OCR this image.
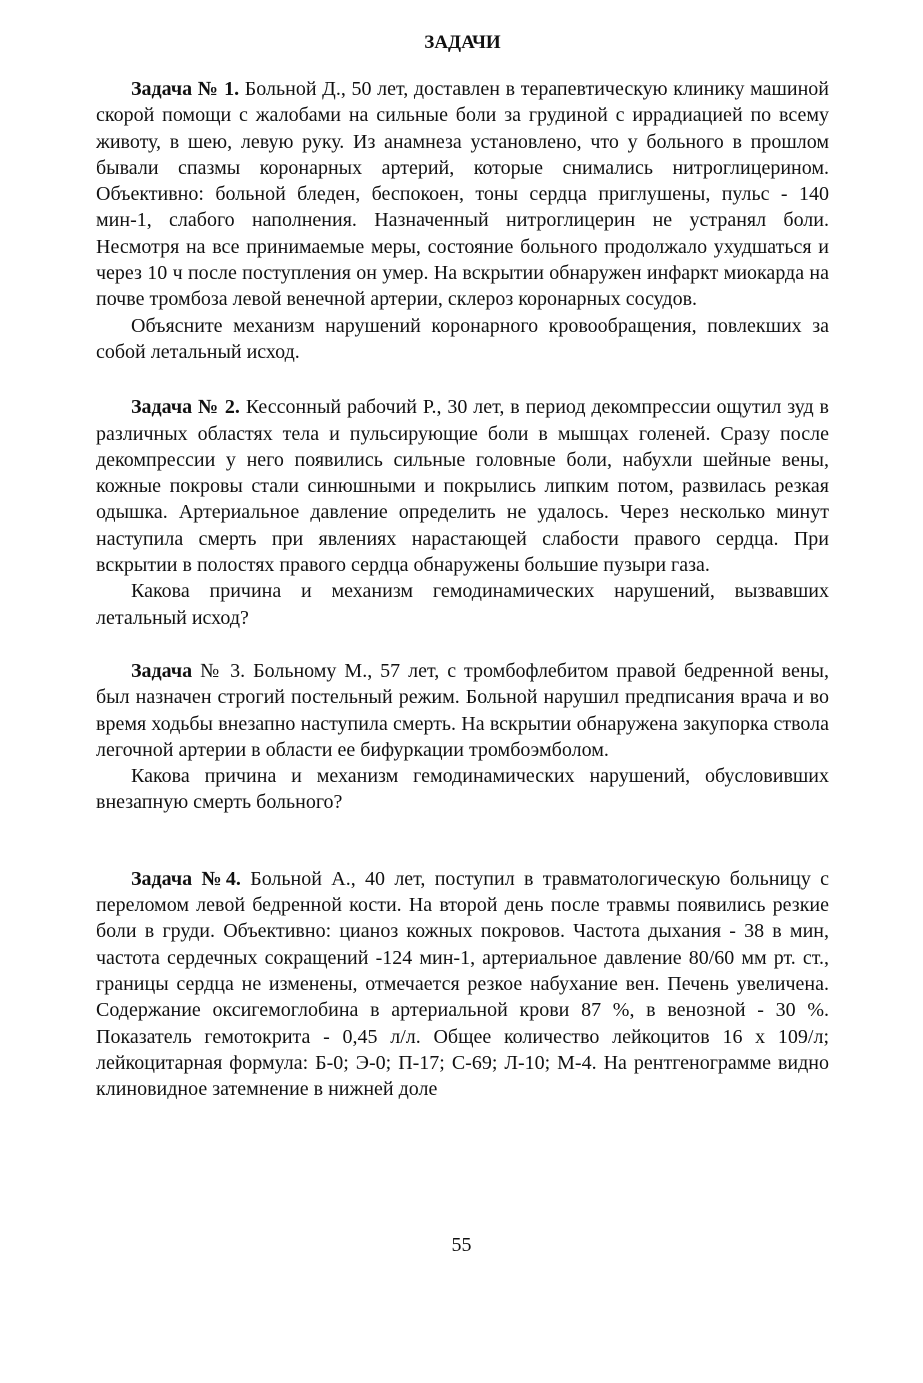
ЗАДАЧИ

Задача № 1. Больной Д., 50 лет, доставлен в терапевтическую клинику машиной скорой помощи с жалобами на сильные боли за грудиной с иррадиацией по всему животу, в шею, левую руку. Из анамнеза установлено, что у больного в прошлом бывали спазмы коронарных артерий, которые снимались нитроглицерином. Объективно: больной бледен, беспокоен, тоны сердца приглушены, пульс - 140 мин-1, слабого наполнения. Назначенный нитроглицерин не устранял боли. Несмотря на все принимаемые меры, состояние больного продолжало ухудшаться и через 10 ч после поступления он умер. На вскрытии обнаружен инфаркт миокарда на почве тромбоза левой венечной артерии, склероз коронарных сосудов.

Объясните механизм нарушений коронарного кровообращения, повлекших за собой летальный исход.

Задача № 2. Кессонный рабочий Р., 30 лет, в период декомпрессии ощутил зуд в различных областях тела и пульсирующие боли в мышцах голеней. Сразу после декомпрессии у него появились сильные головные боли, набухли шейные вены, кожные покровы стали синюшными и покрылись липким потом, развилась резкая одышка. Артериальное давление определить не удалось. Через несколько минут наступила смерть при явлениях нарастающей слабости правого сердца. При вскрытии в полостях правого сердца обнаружены большие пузыри газа.

Какова причина и механизм гемодинамических нарушений, вызвавших летальный исход?

Задача № 3. Больному М., 57 лет, с тромбофлебитом правой бедренной вены, был назначен строгий постельный режим. Больной нарушил предписания врача и во время ходьбы внезапно наступила смерть. На вскрытии обнаружена закупорка ствола легочной артерии в области ее бифуркации тромбоэмболом.

Какова причина и механизм гемодинамических нарушений, обусловивших внезапную смерть больного?

Задача №4. Больной А., 40 лет, поступил в травматологическую больницу с переломом левой бедренной кости. На второй день после травмы появились резкие боли в груди. Объективно: цианоз кожных покровов. Частота дыхания - 38 в мин, частота сердечных сокращений -124 мин-1, артериальное давление 80/60 мм рт. ст., границы сердца не изменены, отмечается резкое набухание вен. Печень увеличена. Содержание оксигемоглобина в артериальной крови 87 %, в венозной - 30 %. Показатель гемотокрита - 0,45 л/л. Общее количество лейкоцитов 16 х 109/л; лейкоцитарная формула: Б-0; Э-0; П-17; С-69; Л-10; М-4. На рентгенограмме видно клиновидное затемнение в нижней доле

55
